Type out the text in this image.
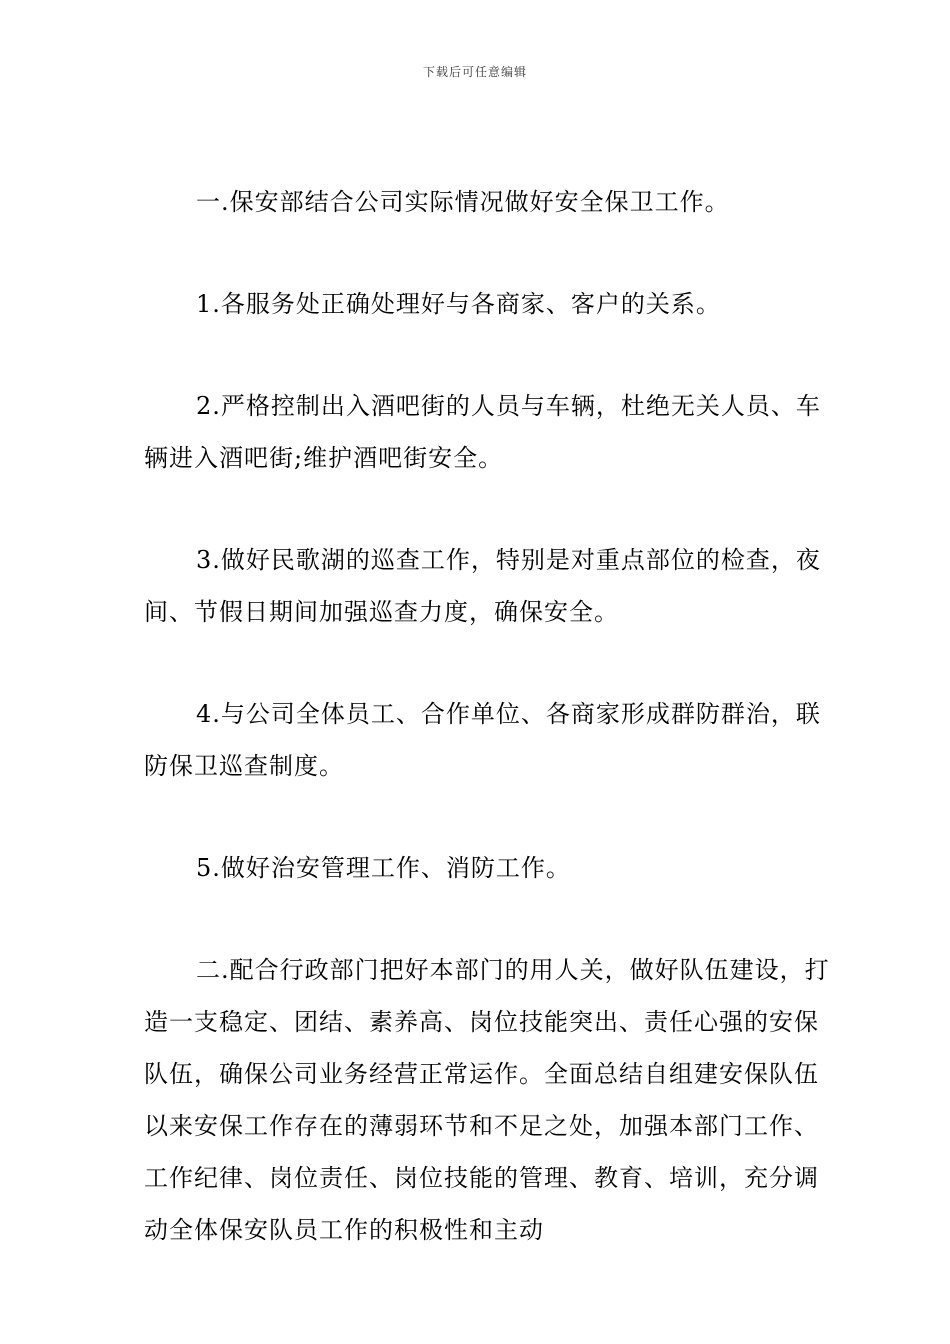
下载后可任意编辑

一.保安部结合公司实际情况做好安全保卫工作。

1.各服务处正确处理好与各商家、客户的关系。

2.严格控制出入酒吧街的人员与车辆，杜绝无关人员、车辆进入酒吧街;维护酒吧街安全。

3.做好民歌湖的巡查工作，特别是对重点部位的检查，夜间、节假日期间加强巡查力度，确保安全。

4.与公司全体员工、合作单位、各商家形成群防群治，联防保卫巡查制度。

5.做好治安管理工作、消防工作。

二.配合行政部门把好本部门的用人关，做好队伍建设，打造一支稳定、团结、素养高、岗位技能突出、责任心强的安保队伍，确保公司业务经营正常运作。全面总结自组建安保队伍以来安保工作存在的薄弱环节和不足之处，加强本部门工作、工作纪律、岗位责任、岗位技能的管理、教育、培训，充分调动全体保安队员工作的积极性和主动
